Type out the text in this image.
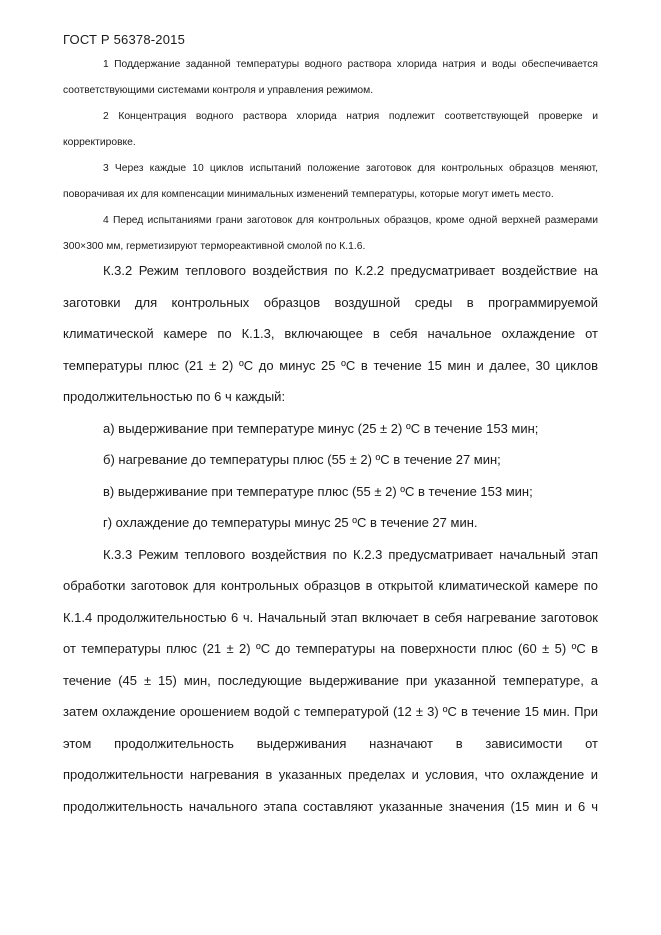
ГОСТ Р 56378-2015

1 Поддержание заданной температуры водного раствора хлорида натрия и воды обеспечивается соответствующими системами контроля и управления режимом.

2 Концентрация водного раствора хлорида натрия подлежит соответствующей проверке и корректировке.

3 Через каждые 10 циклов испытаний положение заготовок для контрольных образцов меняют, поворачивая их для компенсации минимальных изменений температуры, которые могут иметь место.

4 Перед испытаниями грани заготовок для контрольных образцов, кроме одной верхней размерами 300×300 мм, герметизируют термореактивной смолой по К.1.6.

К.3.2 Режим теплового воздействия по К.2.2 предусматривает воздействие на заготовки для контрольных образцов воздушной среды в программируемой климатической камере по К.1.3, включающее в себя начальное охлаждение от температуры плюс (21 ± 2) ºС до минус 25 ºС в течение 15 мин и далее, 30 циклов продолжительностью по 6 ч каждый:

а) выдерживание при температуре минус (25 ± 2) ºС в течение 153 мин;

б) нагревание до температуры плюс (55 ± 2) ºС в течение 27 мин;

в) выдерживание при температуре плюс (55 ± 2) ºС в течение 153 мин;

г) охлаждение до температуры минус 25 ºС в течение 27 мин.

К.3.3 Режим теплового воздействия по К.2.3 предусматривает начальный этап обработки заготовок для контрольных образцов в открытой климатической камере по К.1.4 продолжительностью 6 ч. Начальный этап включает в себя нагревание заготовок от температуры плюс (21 ± 2) ºС до температуры на поверхности плюс (60 ± 5) ºС в течение (45 ± 15) мин, последующие выдерживание при указанной температуре, а затем охлаждение орошением водой с температурой (12 ± 3) ºС в течение 15 мин. При этом продолжительность выдерживания назначают в зависимости от продолжительности нагревания в указанных пределах и условия, что охлаждение и продолжительность начального этапа составляют указанные значения (15 мин и 6 ч
